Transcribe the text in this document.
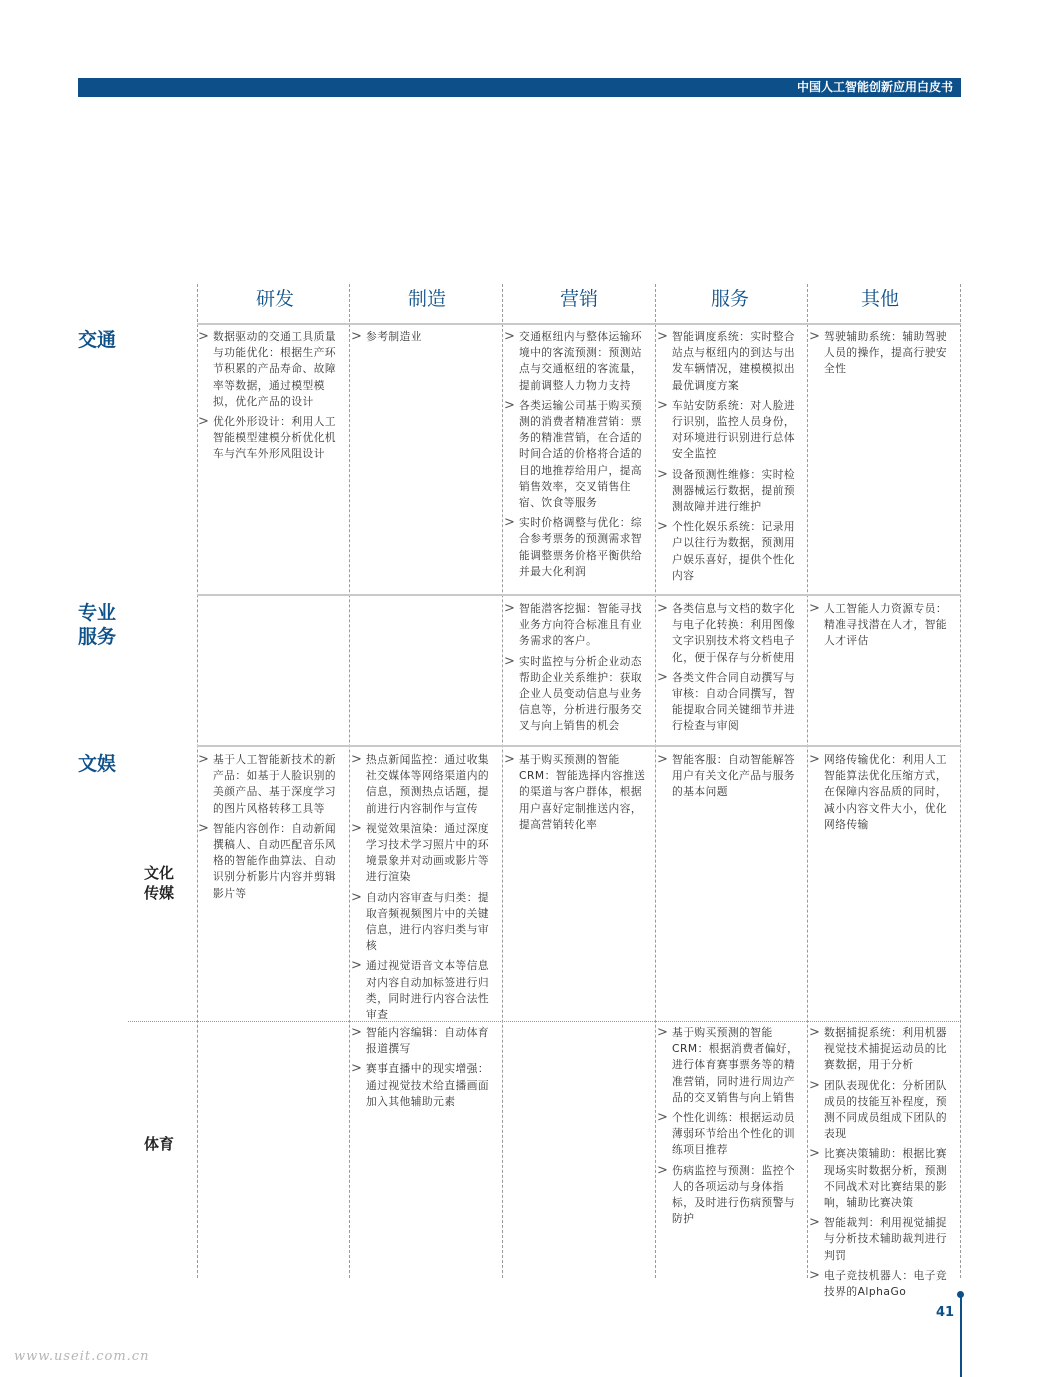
中国人工智能创新应用白皮书
研发	制造	营销	服务	其他
交通
专业
服务
文娱
文化
传媒
体育
> 数据驱动的交通工具质量与功能优化：根据生产环节积累的产品寿命、故障率等数据，通过模型模拟，优化产品的设计
> 优化外形设计：利用人工智能模型建模分析优化机车与汽车外形风阻设计
> 参考制造业
>	交通枢纽内与整体运输环境中的客流预测：预测站点与交通枢纽的客流量，提前调整人力物力支持
> 各类运输公司基于购买预测的消费者精准营销：票务的精准营销，在合适的时间合适的价格将合适的目的地推荐给用户，提高销售效率，交叉销售住宿、饮食等服务
> 实时价格调整与优化：综合参考票务的预测需求智能调整票务价格平衡供给并最大化利润
> 智能调度系统：实时整合站点与枢纽内的到达与出发车辆情况，建模模拟出最优调度方案
> 车站安防系统：对人脸进行识别，监控人员身份，对环境进行识别进行总体安全监控
> 设备预测性维修：实时检测器械运行数据，提前预测故障并进行维护
> 个性化娱乐系统：记录用户以往行为数据，预测用户娱乐喜好，提供个性化内容
> 驾驶辅助系统：辅助驾驶人员的操作，提高行驶安全性
> 智能潜客挖掘：智能寻找业务方向符合标准且有业务需求的客户。
> 实时监控与分析企业动态帮助企业关系维护：获取企业人员变动信息与业务信息等，分析进行服务交叉与向上销售的机会
> 各类信息与文档的数字化与电子化转换：利用图像文字识别技术将文档电子化，便于保存与分析使用
> 各类文件合同自动撰写与审核：自动合同撰写，智能提取合同关键细节并进行检查与审阅
> 人工智能人力资源专员：精准寻找潜在人才，智能人才评估
> 基于人工智能新技术的新产品：如基于人脸识别的美颜产品、基于深度学习的图片风格转移工具等
> 智能内容创作：自动新闻撰稿人、自动匹配音乐风格的智能作曲算法、自动识别分析影片内容并剪辑影片等
> 热点新闻监控：通过收集社交媒体等网络渠道内的信息，预测热点话题，提前进行内容制作与宣传
> 视觉效果渲染：通过深度学习技术学习照片中的环境景象并对动画或影片等进行渲染
> 自动内容审查与归类：提取音频视频图片中的关键信息，进行内容归类与审核
> 通过视觉语音文本等信息对内容自动加标签进行归类，同时进行内容合法性审查
> 基于购买预测的智能CRM：智能选择内容推送的渠道与客户群体，根据用户喜好定制推送内容，提高营销转化率
> 智能客服：自动智能解答用户有关文化产品与服务的基本问题
> 网络传输优化：利用人工智能算法优化压缩方式，在保障内容品质的同时，减小内容文件大小，优化网络传输
> 智能内容编辑：自动体育报道撰写
> 赛事直播中的现实增强：通过视觉技术给直播画面加入其他辅助元素
> 基于购买预测的智能CRM：根据消费者偏好，进行体育赛事票务等的精准营销，同时进行周边产品的交叉销售与向上销售
> 个性化训练：根据运动员薄弱环节给出个性化的训练项目推荐
> 伤病监控与预测：监控个人的各项运动与身体指标，及时进行伤病预警与防护
> 数据捕捉系统：利用机器视觉技术捕捉运动员的比赛数据，用于分析
> 团队表现优化：分析团队成员的技能互补程度，预测不同成员组成下团队的表现
> 比赛决策辅助：根据比赛现场实时数据分析，预测不同战术对比赛结果的影响，辅助比赛决策
> 智能裁判：利用视觉捕捉与分析技术辅助裁判进行判罚
> 电子竞技机器人：电子竞技界的AlphaGo
41
www.useit.com.cn
